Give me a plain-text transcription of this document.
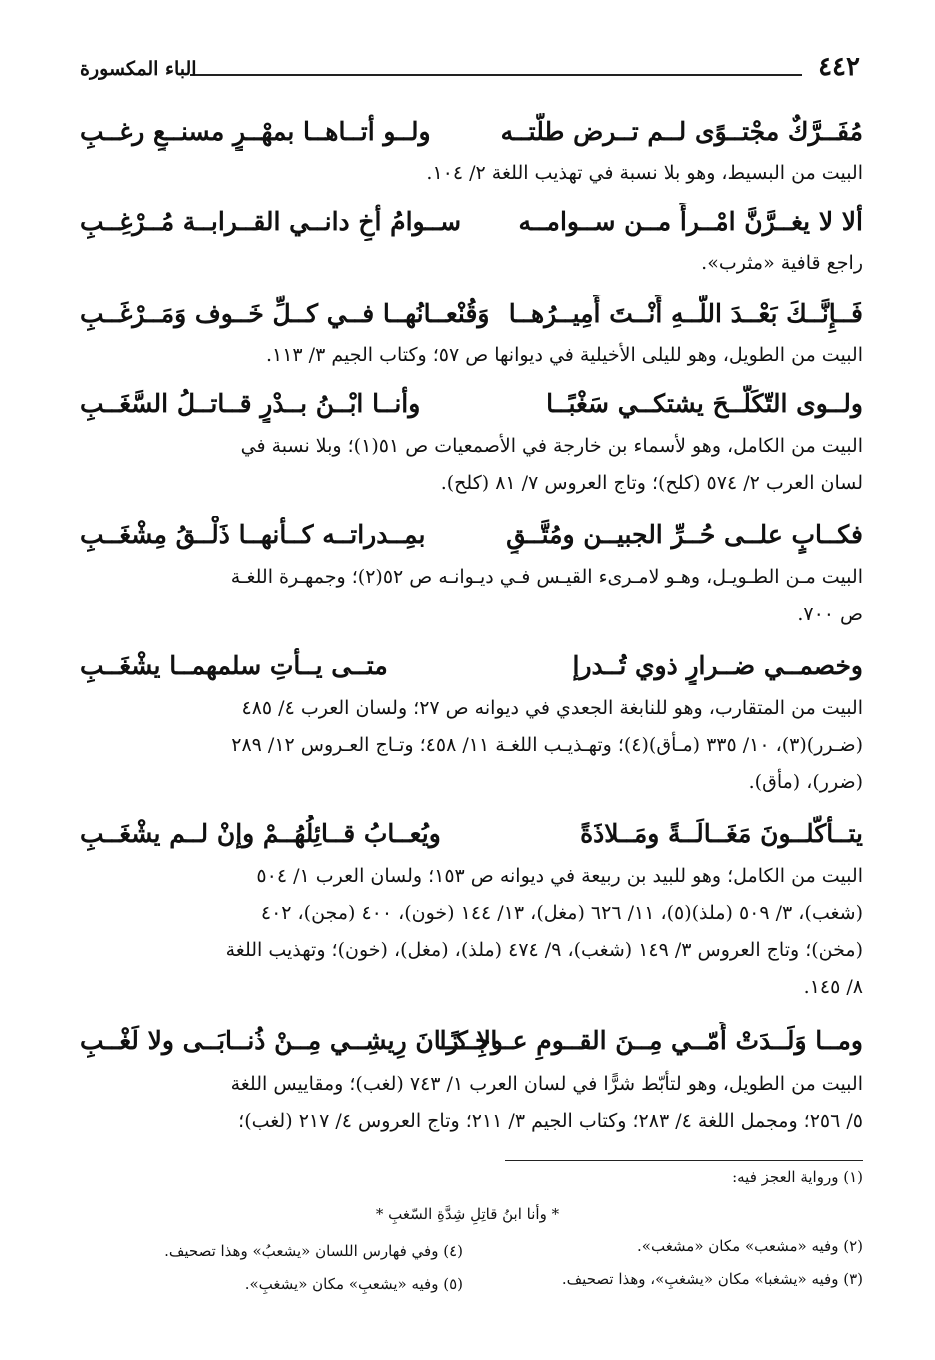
٤٤٢
الباء المكسورة
مُفَــرَّكٌ مجْتــوًى لــم تــرض طلّتــه
ولــو أتــاهــا بمهْــرٍ مسنــعٍ رغــبِ
البيت من البسيط، وهو بلا نسبة في تهذيب اللغة ٢/ ١٠٤.
ألا لا يغــرَّنَّ امْــرأً مــن ســوامــه
ســوامُ أخٍ دانــي القــرابــة مُــرْغِــبِ
راجع قافية «مثرب».
فَــإِنَّــكَ بَعْــدَ اللّــهِ أَنْــتَ أَمِيــرُهــا
وَقُنْعــانُهــا فــي كــلِّ خَــوف وَمَــرْغَــبِ
البيت من الطويل، وهو لليلى الأخيلية في ديوانها ص ٥٧؛ وكتاب الجيم ٣/ ١١٣.
ولــوى التّكَلُّــحَ يشتكــي سَغْبًــا
وأنــا ابْــنُ بــدْرٍ قــاتــلُ السَّغَــبِ
البيت من الكامل، وهو لأسماء بن خارجة في الأصمعيات ص ٥١(١)؛ وبلا نسبة في
لسان العرب ٢/ ٥٧٤ (كلح)؛ وتاج العروس ٧/ ٨١ (كلح).
فكــابٍ علــى حُــرِّ الجبيــن ومُتَّــقٍ
بمِــدراتــه كــأنهــا ذَلْــقُ مِشْغَــبِ
البيت مـن الطـويـل، وهـو لامـرىء القيـس فـي ديـوانـه ص ٥٢(٢)؛ وجمهـرة اللغـة
ص ٧٠٠.
وخصمــي ضــرارٍ ذوي تُــدرإ
متــى يــأتِ سلمهمــا يشْغَــبِ
البيت من المتقارب، وهو للنابغة الجعدي في ديوانه ص ٢٧؛ ولسان العرب ٤/ ٤٨٥
(ضـرر)(٣)، ١٠/ ٣٣٥ (مـأق)(٤)؛ وتهـذيـب اللغـة ١١/ ٤٥٨؛ وتـاج العـروس ١٢/ ٢٨٩
(ضرر)، (مأق).
يتــأكّلــونَ مَغَــالَــةً ومَــلاذَةً
ويُعــابُ قــائِلُهُــمْ وإنْ لــم يشْغَــبِ
البيت من الكامل؛ وهو للبيد بن ربيعة في ديوانه ص ١٥٣؛ ولسان العرب ١/ ٥٠٤
(شغب)، ٣/ ٥٠٩ (ملذ)(٥)، ١١/ ٦٢٦ (مغل)، ١٣/ ١٤٤ (خون)، ٤٠٠ (مجن)، ٤٠٢
(مخن)؛ وتاج العروس ٣/ ١٤٩ (شغب)، ٩/ ٤٧٤ (ملذ)، (مغل)، (خون)؛ وتهذيب اللغة
٨/ ١٤٥.
ومــا وَلَــدَتْ أُمّــي مِــنَ القــومِ عــاجِــزًا
ولا كــانَ رِيشِــي مِــنْ ذُنــابَــى ولا لَغْــبِ
البيت من الطويل، وهو لتأبّط شرًّا في لسان العرب ١/ ٧٤٣ (لغب)؛ ومقاييس اللغة
٥/ ٢٥٦؛ ومجمل اللغة ٤/ ٢٨٣؛ وكتاب الجيم ٣/ ٢١١؛ وتاج العروس ٤/ ٢١٧ (لغب)؛
(١) ورواية العجز فيه:
* وأنا ابنُ قاتِلِ شِدَّةِ السّغبِ *
(٢) وفيه «مشعب» مكان «مشغب».
(٤) وفي فهارس اللسان «يشعبُ» وهذا تصحيف.
(٣) وفيه «يشغبا» مكان «يشغبِ»، وهذا تصحيف.
(٥) وفيه «يشعبِ» مكان «يشغبِ».
